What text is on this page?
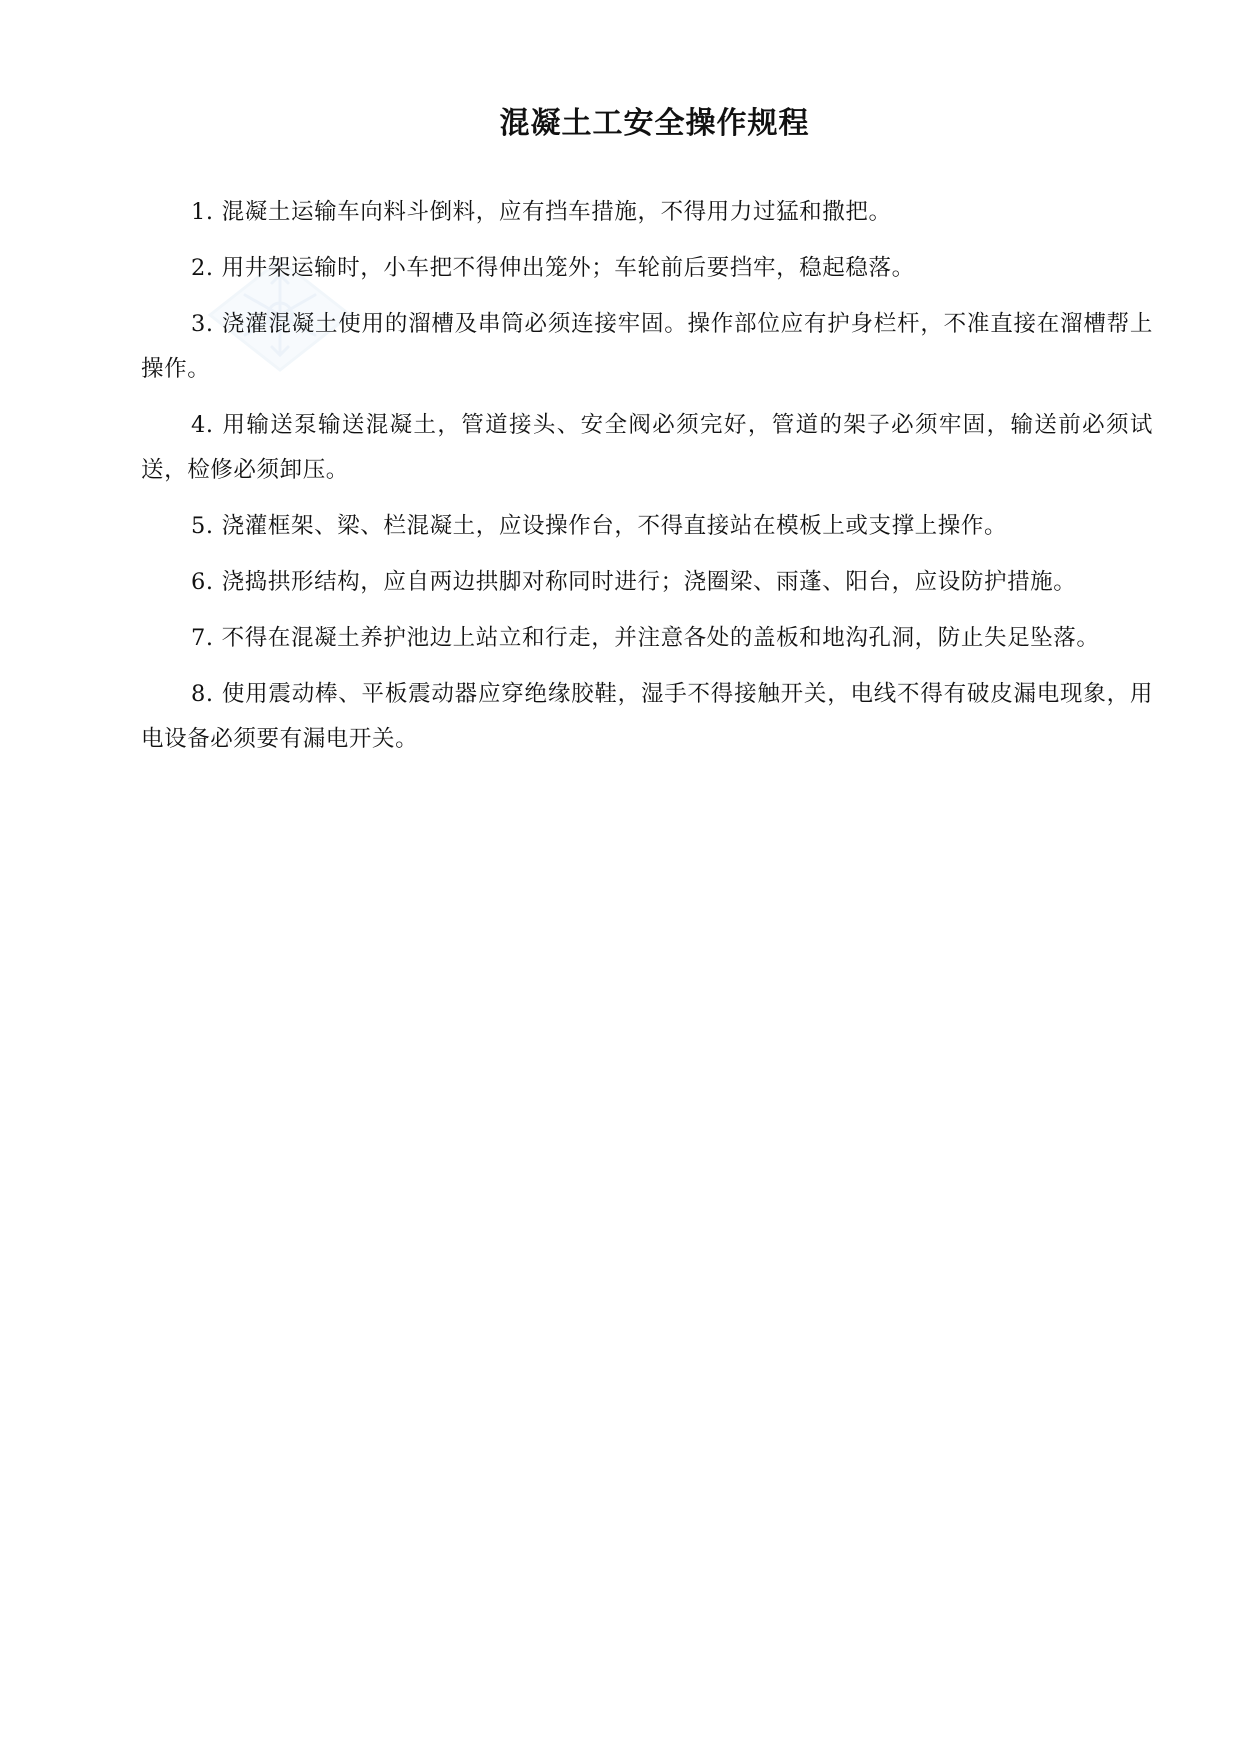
混凝土工安全操作规程
1. 混凝土运输车向料斗倒料，应有挡车措施，不得用力过猛和撒把。
2. 用井架运输时，小车把不得伸出笼外；车轮前后要挡牢，稳起稳落。
3. 浇灌混凝土使用的溜槽及串筒必须连接牢固。操作部位应有护身栏杆，不准直接在溜槽帮上操作。
4. 用输送泵输送混凝土，管道接头、安全阀必须完好，管道的架子必须牢固，输送前必须试送，检修必须卸压。
5. 浇灌框架、梁、栏混凝土，应设操作台，不得直接站在模板上或支撑上操作。
6. 浇捣拱形结构，应自两边拱脚对称同时进行；浇圈梁、雨蓬、阳台，应设防护措施。
7. 不得在混凝土养护池边上站立和行走，并注意各处的盖板和地沟孔洞，防止失足坠落。
8. 使用震动棒、平板震动器应穿绝缘胶鞋，湿手不得接触开关，电线不得有破皮漏电现象，用电设备必须要有漏电开关。
